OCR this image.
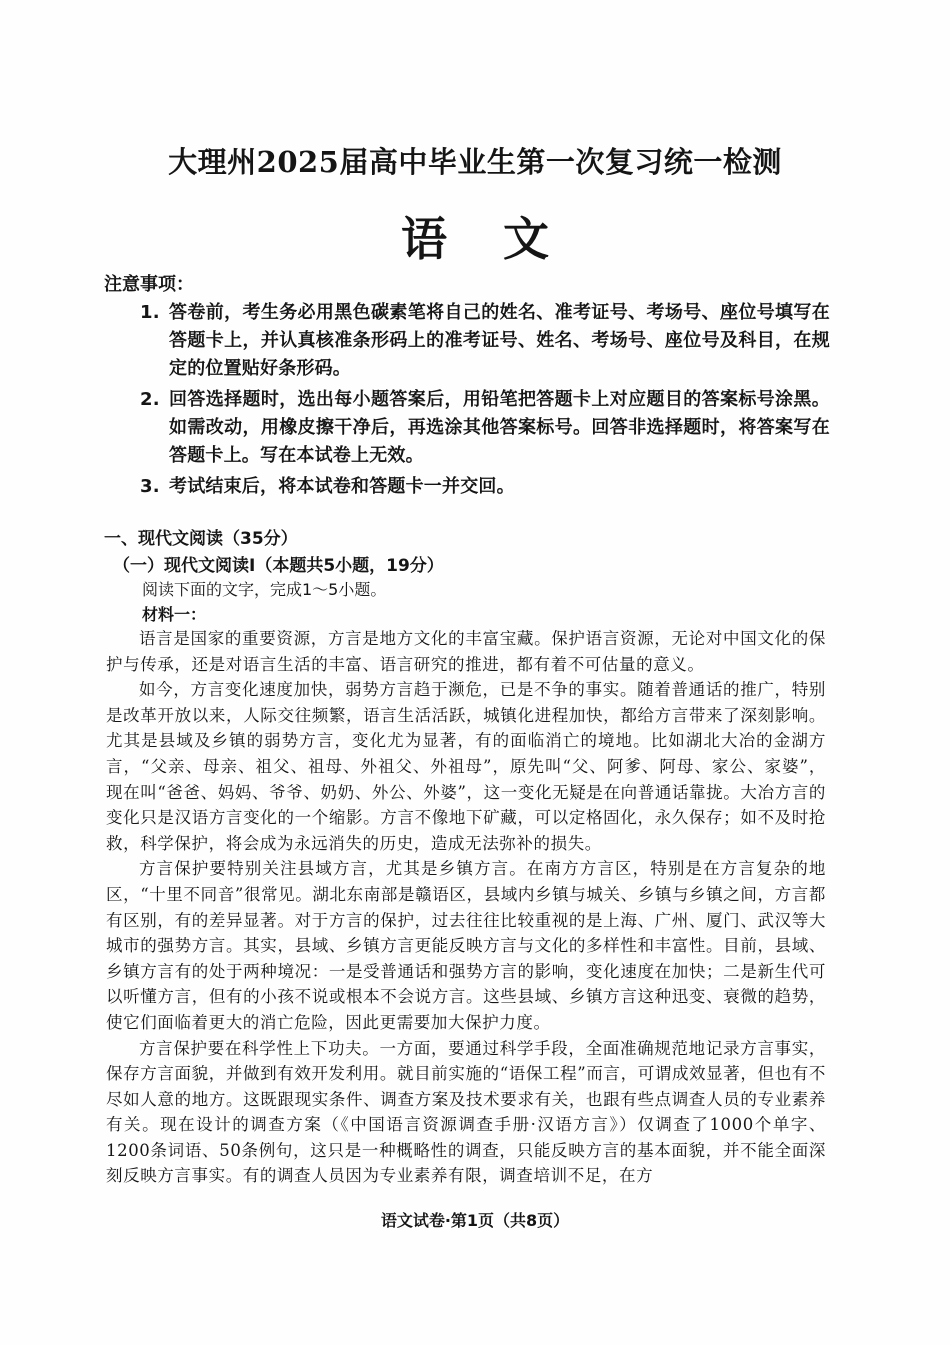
大理州2025届高中毕业生第一次复习统一检测
语 文
注意事项：
1. 答卷前，考生务必用黑色碳素笔将自己的姓名、准考证号、考场号、座位号填写在答题卡上，并认真核准条形码上的准考证号、姓名、考场号、座位号及科目，在规定的位置贴好条形码。
2. 回答选择题时，选出每小题答案后，用铅笔把答题卡上对应题目的答案标号涂黑。如需改动，用橡皮擦干净后，再选涂其他答案标号。回答非选择题时，将答案写在答题卡上。写在本试卷上无效。
3. 考试结束后，将本试卷和答题卡一并交回。
一、现代文阅读（35分）
（一）现代文阅读Ⅰ（本题共5小题，19分）
阅读下面的文字，完成1～5小题。
材料一：

语言是国家的重要资源，方言是地方文化的丰富宝藏。保护语言资源，无论对中国文化的保护与传承，还是对语言生活的丰富、语言研究的推进，都有着不可估量的意义。

如今，方言变化速度加快，弱势方言趋于濒危，已是不争的事实。随着普通话的推广，特别是改革开放以来，人际交往频繁，语言生活活跃，城镇化进程加快，都给方言带来了深刻影响。尤其是县域及乡镇的弱势方言，变化尤为显著，有的面临消亡的境地。比如湖北大冶的金湖方言，“父亲、母亲、祖父、祖母、外祖父、外祖母”，原先叫“父、阿爹、阿母、家公、家婆”，现在叫“爸爸、妈妈、爷爷、奶奶、外公、外婆”，这一变化无疑是在向普通话靠拢。大冶方言的变化只是汉语方言变化的一个缩影。方言不像地下矿藏，可以定格固化，永久保存；如不及时抢救，科学保护，将会成为永远消失的历史，造成无法弥补的损失。

方言保护要特别关注县域方言，尤其是乡镇方言。在南方方言区，特别是在方言复杂的地区，“十里不同音”很常见。湖北东南部是赣语区，县域内乡镇与城关、乡镇与乡镇之间，方言都有区别，有的差异显著。对于方言的保护，过去往往比较重视的是上海、广州、厦门、武汉等大城市的强势方言。其实，县域、乡镇方言更能反映方言与文化的多样性和丰富性。目前，县域、乡镇方言有的处于两种境况：一是受普通话和强势方言的影响，变化速度在加快；二是新生代可以听懂方言，但有的小孩不说或根本不会说方言。这些县域、乡镇方言这种迅变、衰微的趋势，使它们面临着更大的消亡危险，因此更需要加大保护力度。

方言保护要在科学性上下功夫。一方面，要通过科学手段，全面准确规范地记录方言事实，保存方言面貌，并做到有效开发利用。就目前实施的“语保工程”而言，可谓成效显著，但也有不尽如人意的地方。这既跟现实条件、调查方案及技术要求有关，也跟有些点调查人员的专业素养有关。现在设计的调查方案（《中国语言资源调查手册·汉语方言》）仅调查了1000个单字、1200条词语、50条例句，这只是一种概略性的调查，只能反映方言的基本面貌，并不能全面深刻反映方言事实。有的调查人员因为专业素养有限，调查培训不足，在方

语文试卷·第1页（共8页）
